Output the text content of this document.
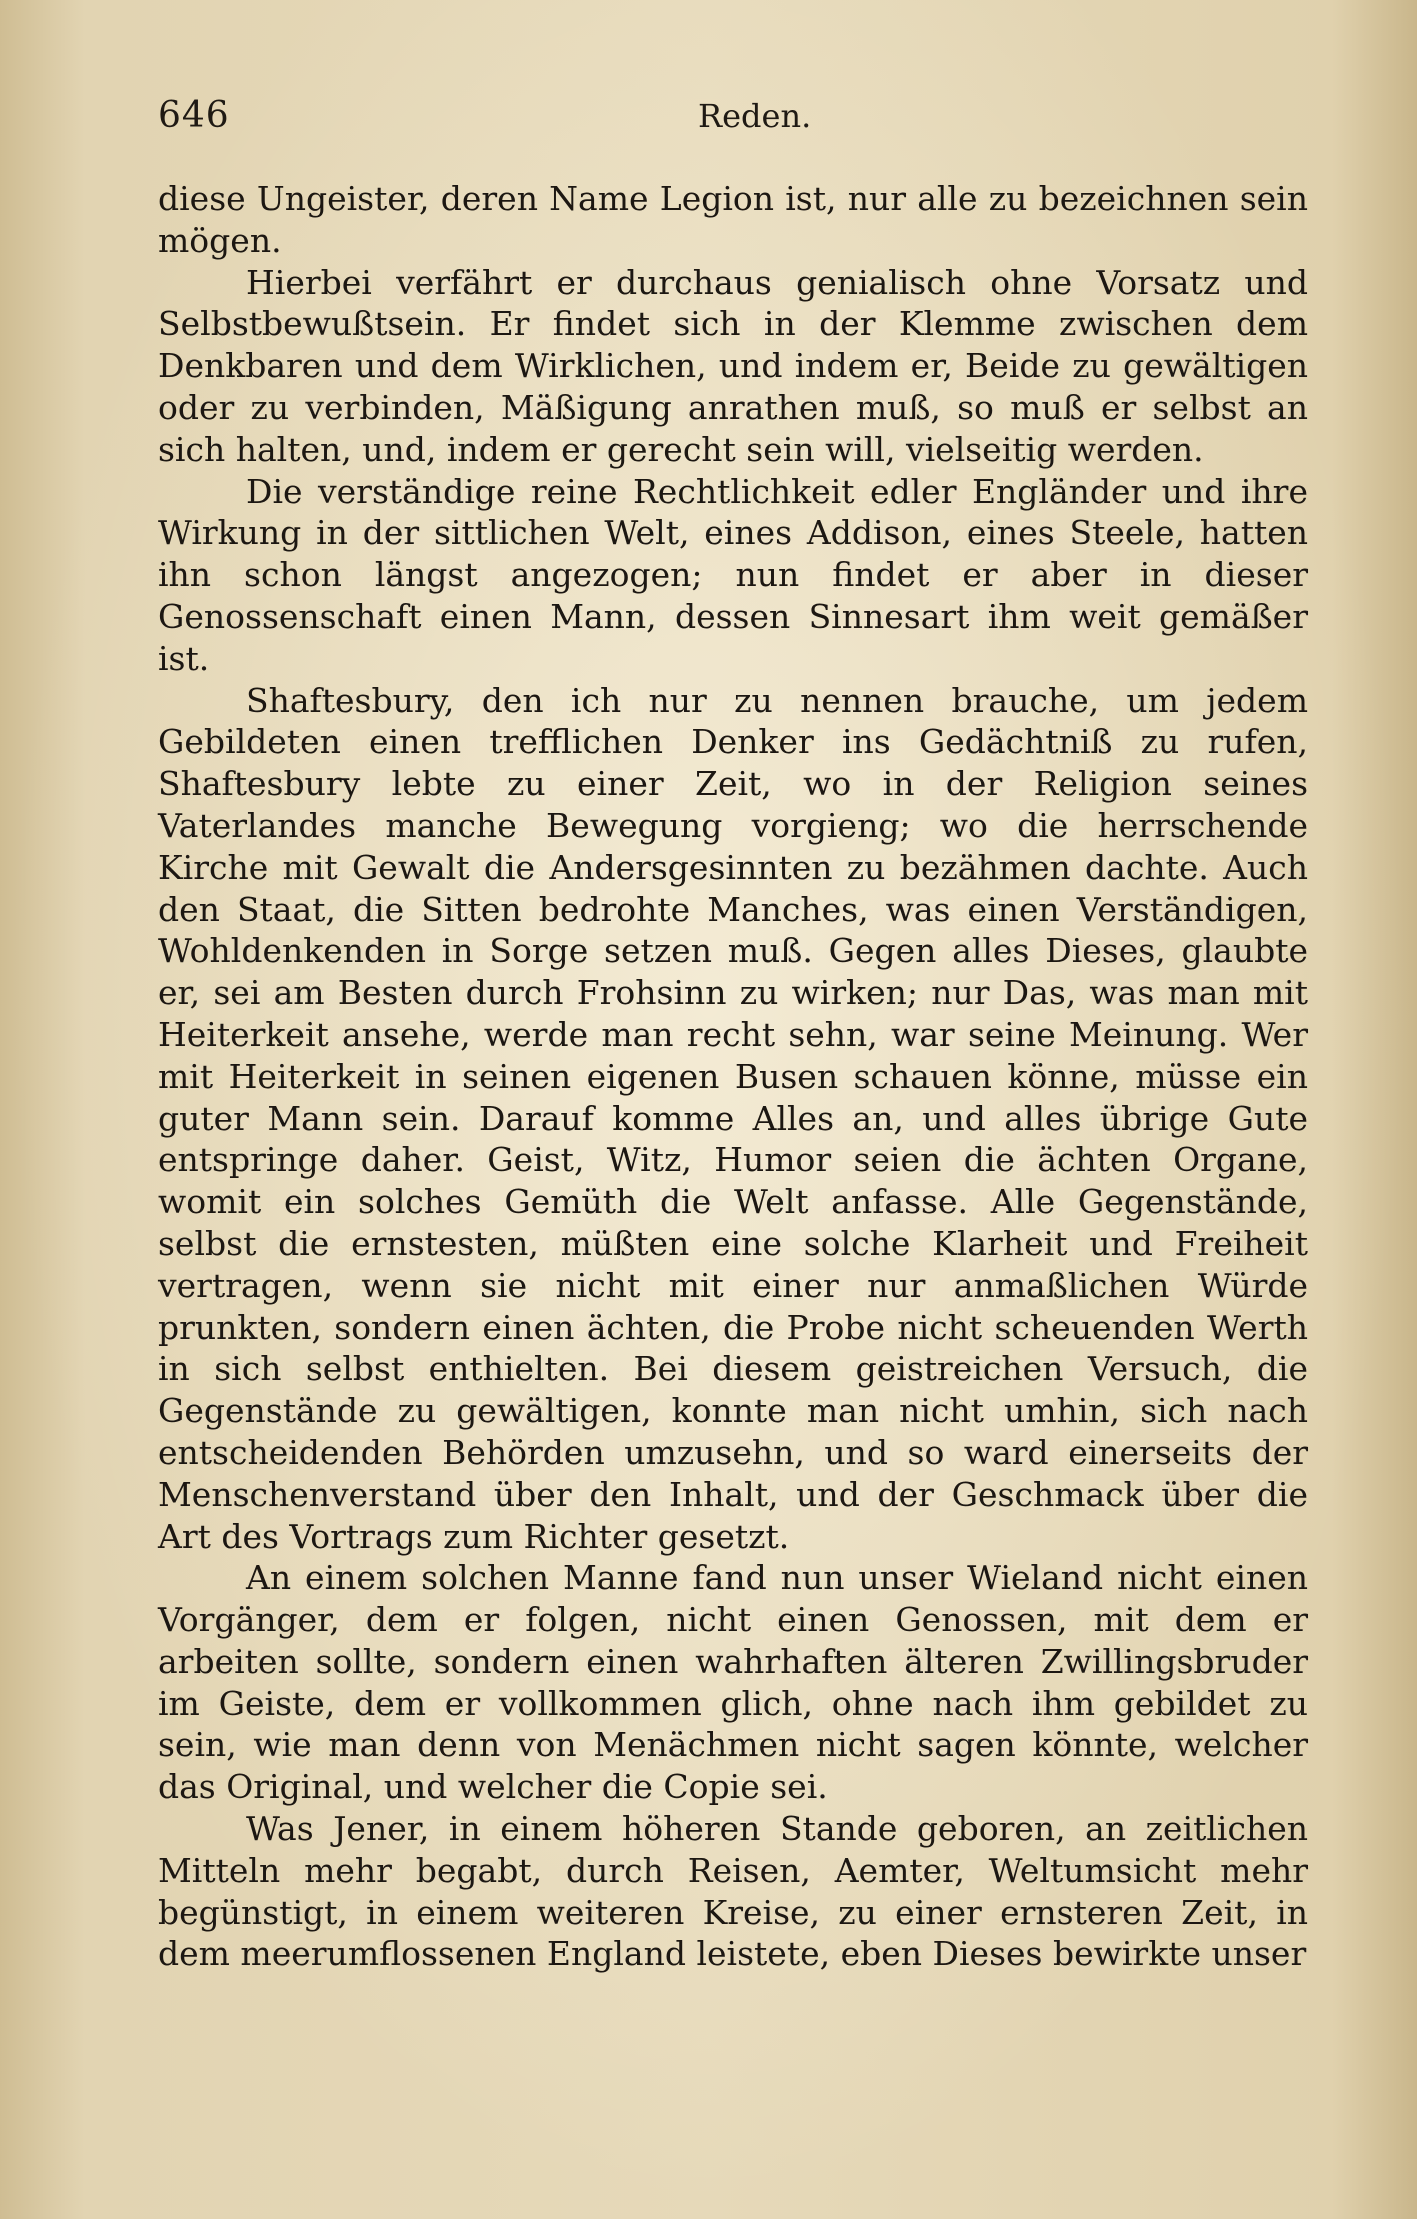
646	Reden.

diese Ungeister, deren Name Legion ist, nur alle zu bezeichnen sein mögen.

Hierbei verfährt er durchaus genialisch ohne Vorsatz und Selbstbewußtsein. Er findet sich in der Klemme zwischen dem Denkbaren und dem Wirklichen, und indem er, Beide zu gewältigen oder zu verbinden, Mäßigung anrathen muß, so muß er selbst an sich halten, und, indem er gerecht sein will, vielseitig werden.

Die verständige reine Rechtlichkeit edler Engländer und ihre Wirkung in der sittlichen Welt, eines Addison, eines Steele, hatten ihn schon längst angezogen; nun findet er aber in dieser Genossenschaft einen Mann, dessen Sinnesart ihm weit gemäßer ist.

Shaftesbury, den ich nur zu nennen brauche, um jedem Gebildeten einen trefflichen Denker ins Gedächtniß zu rufen, Shaftesbury lebte zu einer Zeit, wo in der Religion seines Vaterlandes manche Bewegung vorgieng; wo die herrschende Kirche mit Gewalt die Andersgesinnten zu bezähmen dachte. Auch den Staat, die Sitten bedrohte Manches, was einen Verständigen, Wohldenkenden in Sorge setzen muß. Gegen alles Dieses, glaubte er, sei am Besten durch Frohsinn zu wirken; nur Das, was man mit Heiterkeit ansehe, werde man recht sehn, war seine Meinung. Wer mit Heiterkeit in seinen eigenen Busen schauen könne, müsse ein guter Mann sein. Darauf komme Alles an, und alles übrige Gute entspringe daher. Geist, Witz, Humor seien die ächten Organe, womit ein solches Gemüth die Welt anfasse. Alle Gegenstände, selbst die ernstesten, müßten eine solche Klarheit und Freiheit vertragen, wenn sie nicht mit einer nur anmaßlichen Würde prunkten, sondern einen ächten, die Probe nicht scheuenden Werth in sich selbst enthielten. Bei diesem geistreichen Versuch, die Gegenstände zu gewältigen, konnte man nicht umhin, sich nach entscheidenden Behörden umzusehn, und so ward einerseits der Menschenverstand über den Inhalt, und der Geschmack über die Art des Vortrags zum Richter gesetzt.

An einem solchen Manne fand nun unser Wieland nicht einen Vorgänger, dem er folgen, nicht einen Genossen, mit dem er arbeiten sollte, sondern einen wahrhaften älteren Zwillingsbruder im Geiste, dem er vollkommen glich, ohne nach ihm gebildet zu sein, wie man denn von Menächmen nicht sagen könnte, welcher das Original, und welcher die Copie sei.

Was Jener, in einem höheren Stande geboren, an zeitlichen Mitteln mehr begabt, durch Reisen, Aemter, Weltumsicht mehr begünstigt, in einem weiteren Kreise, zu einer ernsteren Zeit, in dem meerumflossenen England leistete, eben Dieses bewirkte unser
